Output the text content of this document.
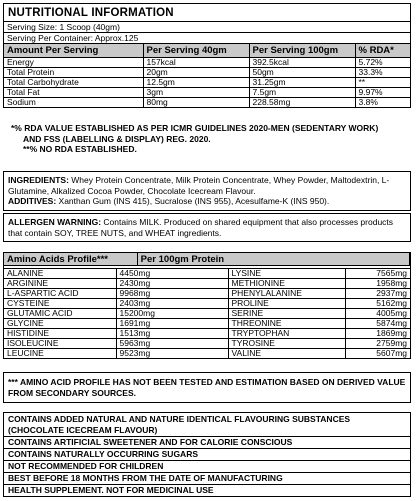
NUTRITIONAL INFORMATION
Serving Size: 1 Scoop (40gm)
Serving Per Container: Approx.125
Amount Per Serving	Per Serving 40gm	Per Serving 100gm	% RDA*
Energy	157kcal	392.5kcal	5.72%
Total Protein	20gm	50gm	33.3%
Total Carbohydrate	12.5gm	31.25gm	**
Total Fat	3gm	7.5gm	9.97%
Sodium	80mg	228.58mg	3.8%
*% RDA VALUE ESTABLISHED AS PER ICMR GUIDELINES 2020-MEN (SEDENTARY WORK)
AND FSS (LABELLING & DISPLAY) REG. 2020.
**% NO RDA ESTABLISHED.
INGREDIENTS: Whey Protein Concentrate, Milk Protein Concentrate, Whey Powder, Maltodextrin, L-Glutamine, Alkalized Cocoa Powder, Chocolate Icecream Flavour.
ADDITIVES: Xanthan Gum (INS 415), Sucralose (INS 955), Acesulfame-K (INS 950).
ALLERGEN WARNING: Contains MILK. Produced on shared equipment that also processes products that contain SOY, TREE NUTS, and WHEAT ingredients.
Amino Acids Profile***	Per 100gm Protein
ALANINE	4450mg	LYSINE	7565mg
ARGININE	2430mg	METHIONINE	1958mg
L-ASPARTIC ACID	9968mg	PHENYLALANINE	2937mg
CYSTEINE	2403mg	PROLINE	5162mg
GLUTAMIC ACID	15200mg	SERINE	4005mg
GLYCINE	1691mg	THREONINE	5874mg
HISTIDINE	1513mg	TRYPTOPHAN	1869mg
ISOLEUCINE	5963mg	TYROSINE	2759mg
LEUCINE	9523mg	VALINE	5607mg
*** AMINO ACID PROFILE HAS NOT BEEN TESTED AND ESTIMATION BASED ON DERIVED VALUE FROM SECONDARY SOURCES.
CONTAINS ADDED NATURAL AND NATURE IDENTICAL FLAVOURING SUBSTANCES (CHOCOLATE ICECREAM FLAVOUR)
CONTAINS ARTIFICIAL SWEETENER AND FOR CALORIE CONSCIOUS
CONTAINS NATURALLY OCCURRING SUGARS
NOT RECOMMENDED FOR CHILDREN
BEST BEFORE 18 MONTHS FROM THE DATE OF MANUFACTURING
HEALTH SUPPLEMENT. NOT FOR MEDICINAL USE
